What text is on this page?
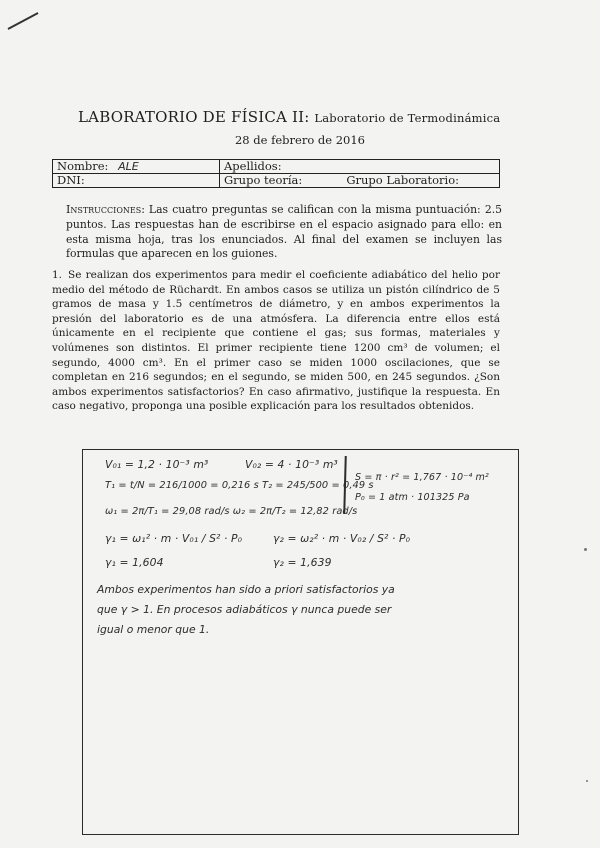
LABORATORIO DE FÍSICA II: Laboratorio de Termodinámica
28 de febrero de 2016
Nombre: ALE	Apellidos:
DNI:	Grupo teoría: Grupo Laboratorio:
Instrucciones: Las cuatro preguntas se califican con la misma puntuación: 2.5 puntos. Las respuestas han de escribirse en el espacio asignado para ello: en esta misma hoja, tras los enunciados. Al final del examen se incluyen las formulas que aparecen en los guiones.
1. Se realizan dos experimentos para medir el coeficiente adiabático del helio por medio del método de Rüchardt. En ambos casos se utiliza un pistón cilíndrico de 5 gramos de masa y 1.5 centímetros de diámetro, y en ambos experimentos la presión del laboratorio es de una atmósfera. La diferencia entre ellos está únicamente en el recipiente que contiene el gas; sus formas, materiales y volúmenes son distintos. El primer recipiente tiene 1200 cm³ de volumen; el segundo, 4000 cm³. En el primer caso se miden 1000 oscilaciones, que se completan en 216 segundos; en el segundo, se miden 500, en 245 segundos. ¿Son ambos experimentos satisfactorios? En caso afirmativo, justifique la respuesta. En caso negativo, proponga una posible explicación para los resultados obtenidos.
V₀₁ = 1,2 · 10⁻³ m³	V₀₂ = 4 · 10⁻³ m³
S = π · r² = 1,767 · 10⁻⁴ m²
T₁ = t/N = 216/1000 = 0,216 s T₂ = 245/500 = 0,49 s
P₀ = 1 atm · 101325 Pa
ω₁ = 2π/T₁ = 29,08 rad/s ω₂ = 2π/T₂ = 12,82 rad/s
γ₁ = ω₁² · m · V₀₁ / S² · P₀	γ₂ = ω₂² · m · V₀₂ / S² · P₀
γ₁ = 1,604	γ₂ = 1,639
Ambos experimentos han sido a priori satisfactorios ya que γ > 1. En procesos adiabáticos γ nunca puede ser igual o menor que 1.
